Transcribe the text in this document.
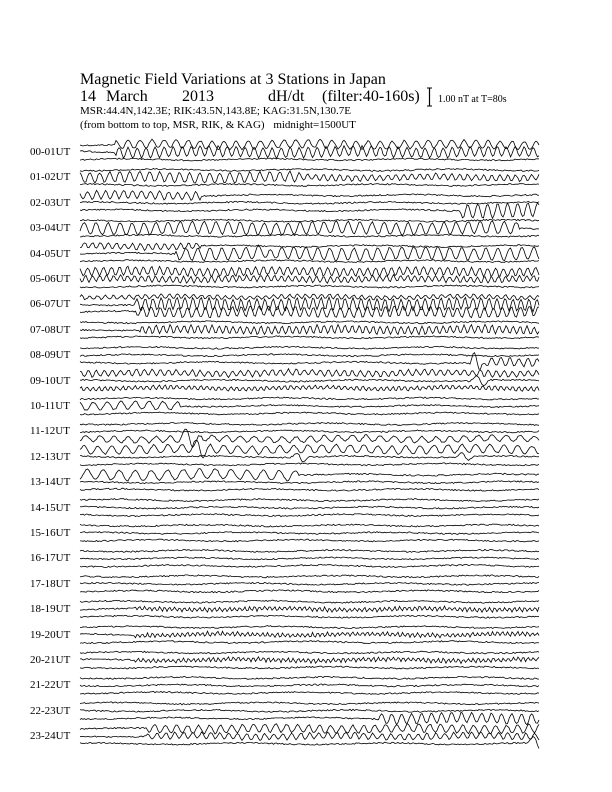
Magnetic Field Variations at 3 Stations in Japan
14 March 2013	dH/dt (filter:40-160s)
MSR:44.4N,142.3E; RIK:43.5N,143.8E; KAG:31.5N,130.7E
(from bottom to top, MSR, RIK, & KAG) midnight=1500UT
1.00 nT at T=80s
00-01UT
01-02UT
02-03UT
03-04UT
04-05UT
05-06UT
06-07UT
07-08UT
08-09UT
09-10UT
10-11UT
11-12UT
12-13UT
13-14UT
14-15UT
15-16UT
16-17UT
17-18UT
18-19UT
19-20UT
20-21UT
21-22UT
22-23UT
23-24UT
